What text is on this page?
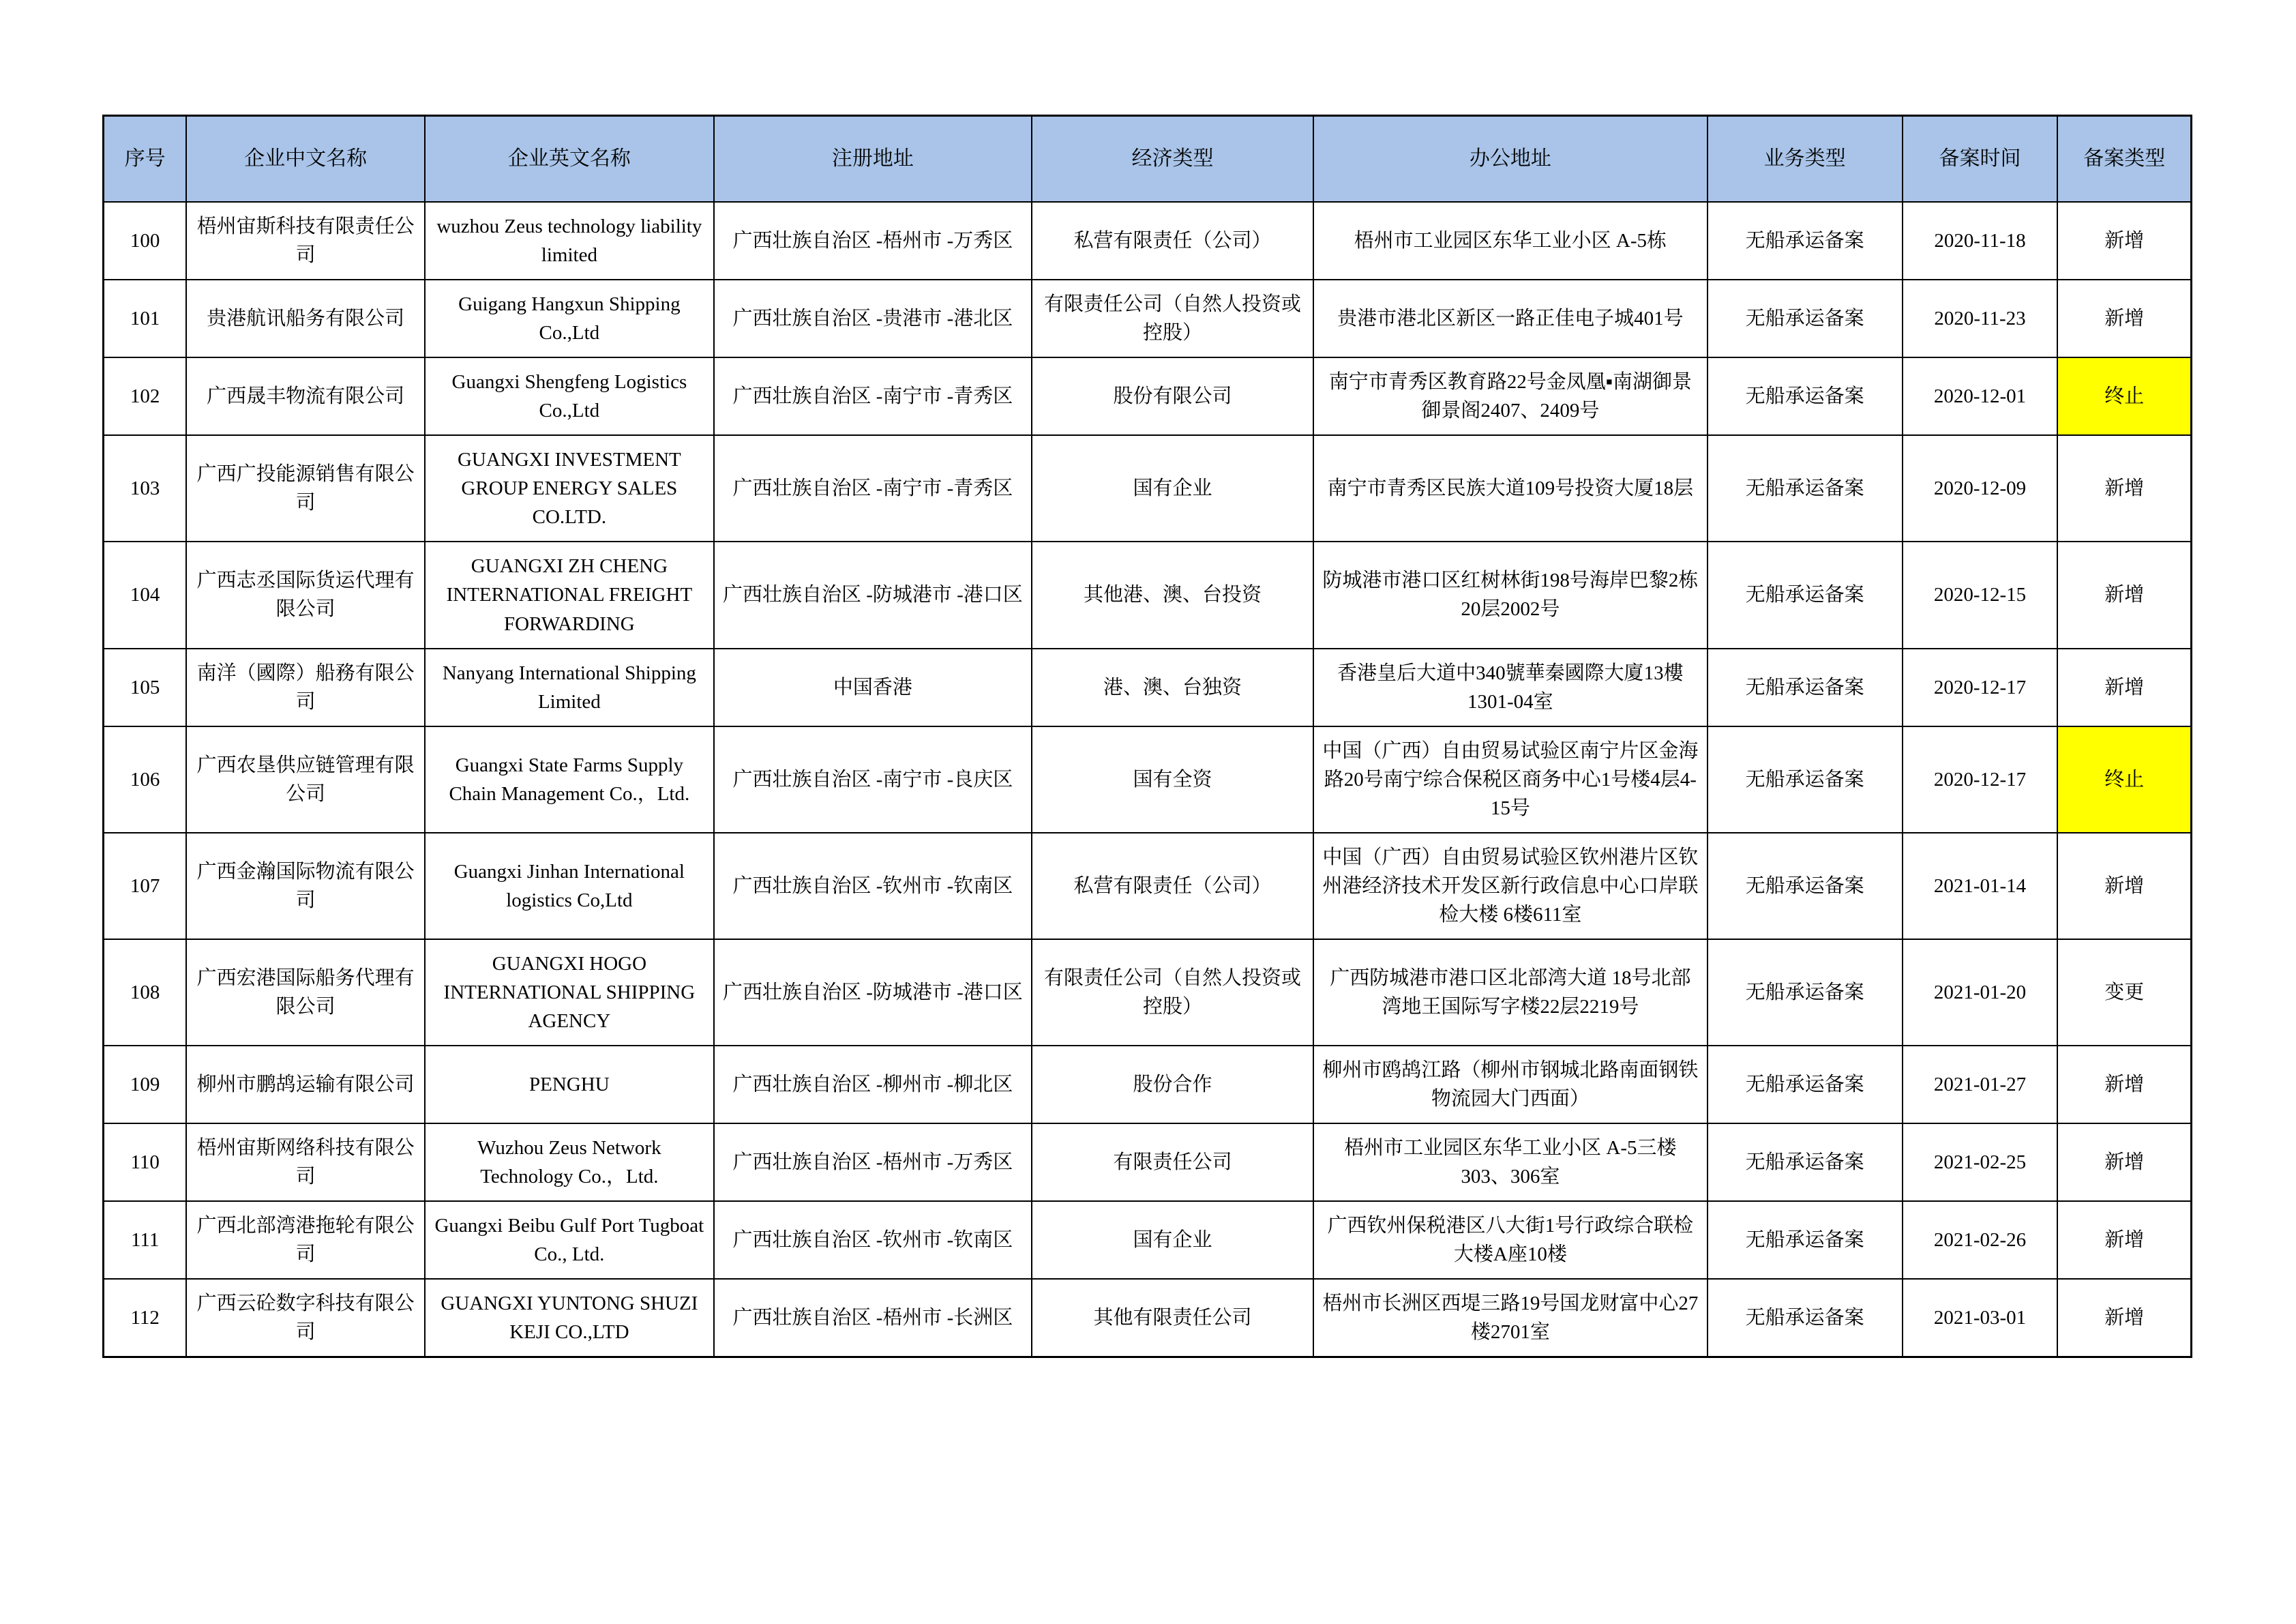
序号	企业中文名称	企业英文名称	注册地址	经济类型	办公地址	业务类型	备案时间	备案类型
100	梧州宙斯科技有限责任公司	wuzhou Zeus technology liability limited	广西壮族自治区 -梧州市 -万秀区	私营有限责任（公司）	梧州市工业园区东华工业小区 A-5栋	无船承运备案	2020-11-18	新增
101	贵港航讯船务有限公司	Guigang Hangxun Shipping Co.,Ltd	广西壮族自治区 -贵港市 -港北区	有限责任公司（自然人投资或控股）	贵港市港北区新区一路正佳电子城401号	无船承运备案	2020-11-23	新增
102	广西晟丰物流有限公司	Guangxi Shengfeng Logistics Co.,Ltd	广西壮族自治区 -南宁市 -青秀区	股份有限公司	南宁市青秀区教育路22号金凤凰▪南湖御景御景阁2407、2409号	无船承运备案	2020-12-01	终止
103	广西广投能源销售有限公司	GUANGXI INVESTMENT GROUP ENERGY SALES CO.LTD.	广西壮族自治区 -南宁市 -青秀区	国有企业	南宁市青秀区民族大道109号投资大厦18层	无船承运备案	2020-12-09	新增
104	广西志丞国际货运代理有限公司	GUANGXI ZH CHENG INTERNATIONAL FREIGHT FORWARDING	广西壮族自治区 -防城港市 -港口区	其他港、澳、台投资	防城港市港口区红树林街198号海岸巴黎2栋20层2002号	无船承运备案	2020-12-15	新增
105	南洋（國際）船務有限公司	Nanyang International Shipping Limited	中国香港	港、澳、台独资	香港皇后大道中340號華秦國際大廈13樓1301-04室	无船承运备案	2020-12-17	新增
106	广西农垦供应链管理有限公司	Guangxi State Farms Supply Chain Management Co.，Ltd.	广西壮族自治区 -南宁市 -良庆区	国有全资	中国（广西）自由贸易试验区南宁片区金海路20号南宁综合保税区商务中心1号楼4层4-15号	无船承运备案	2020-12-17	终止
107	广西金瀚国际物流有限公司	Guangxi Jinhan International logistics Co,Ltd	广西壮族自治区 -钦州市 -钦南区	私营有限责任（公司）	中国（广西）自由贸易试验区钦州港片区钦州港经济技术开发区新行政信息中心口岸联检大楼 6楼611室	无船承运备案	2021-01-14	新增
108	广西宏港国际船务代理有限公司	GUANGXI HOGO INTERNATIONAL SHIPPING AGENCY	广西壮族自治区 -防城港市 -港口区	有限责任公司（自然人投资或控股）	广西防城港市港口区北部湾大道 18号北部湾地王国际写字楼22层2219号	无船承运备案	2021-01-20	变更
109	柳州市鹏鸪运输有限公司	PENGHU	广西壮族自治区 -柳州市 -柳北区	股份合作	柳州市鸥鸪江路（柳州市钢城北路南面钢铁物流园大门西面）	无船承运备案	2021-01-27	新增
110	梧州宙斯网络科技有限公司	Wuzhou Zeus Network Technology Co.，Ltd.	广西壮族自治区 -梧州市 -万秀区	有限责任公司	梧州市工业园区东华工业小区 A-5三楼303、306室	无船承运备案	2021-02-25	新增
111	广西北部湾港拖轮有限公司	Guangxi Beibu Gulf Port Tugboat Co., Ltd.	广西壮族自治区 -钦州市 -钦南区	国有企业	广西钦州保税港区八大街1号行政综合联检大楼A座10楼	无船承运备案	2021-02-26	新增
112	广西云砼数字科技有限公司	GUANGXI YUNTONG SHUZI KEJI CO.,LTD	广西壮族自治区 -梧州市 -长洲区	其他有限责任公司	梧州市长洲区西堤三路19号国龙财富中心27楼2701室	无船承运备案	2021-03-01	新增
